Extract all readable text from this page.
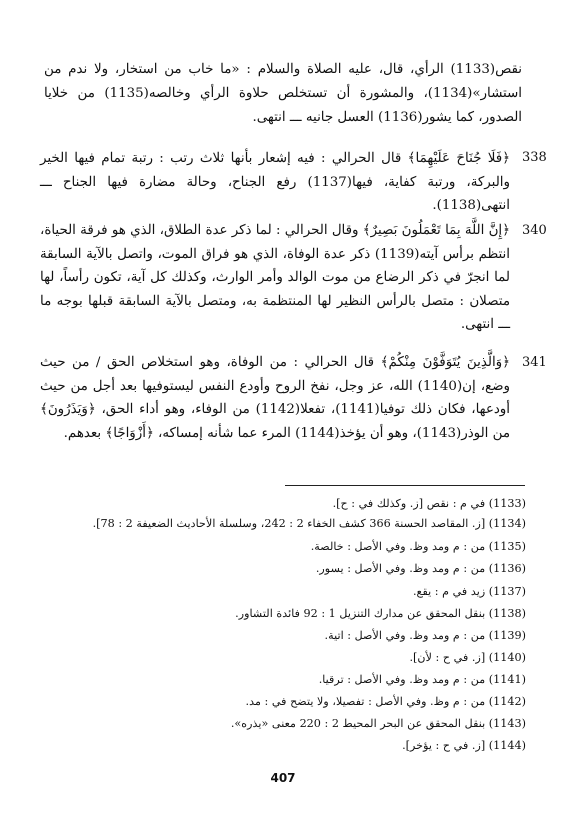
نقص(1133) الرأي، قال، عليه الصلاة والسلام : «ما خاب من استخار، ولا ندم من استشار»(1134)، والمشورة أن تستخلص حلاوة الرأي وخالصه(1135) من خلايا الصدور، كما يشور(1136) العسل جانيه ـــ انتهى.
338
﴿فَلَا جُنَاحَ عَلَيْهِمَا﴾ قال الحرالي : فيه إشعار بأنها ثلاث رتب : رتبة تمام فيها الخير والبركة، ورتبة كفاية، فيها(1137) رفع الجناح، وحالة مضارة فيها الجناح ـــ انتهى(1138).
340
﴿إِنَّ اللَّهَ بِمَا تَعْمَلُونَ بَصِيرٌ﴾ وقال الحرالي : لما ذكر عدة الطلاق، الذي هو فرقة الحياة، انتظم برأس آيته(1139) ذكر عدة الوفاة، الذي هو فراق الموت، واتصل بالآية السابقة لما انجرّ في ذكر الرضاع من موت الوالد وأمر الوارث، وكذلك كل آية، تكون رأساً، لها متصلان : متصل بالرأس النظير لها المنتظمة به، ومتصل بالآية السابقة قبلها بوجه ما ـــ انتهى.
341
﴿وَالَّذِينَ يُتَوَفَّوْنَ مِنْكُمْ﴾ قال الحرالي : من الوفاة، وهو استخلاص الحق / من حيث وضع، إن(1140) الله، عز وجل، نفخ الروح وأودع النفس ليستوفيها بعد أجل من حيث أودعها، فكان ذلك توفيا(1141)، تفعلا(1142) من الوفاء، وهو أداء الحق، ﴿وَيَذَرُونَ﴾ من الوذر(1143)، وهو أن يؤخذ(1144) المرء عما شأنه إمساكه، ﴿أَزْوَاجًا﴾ بعدهم.
(1133) في م : نقص [ز. وكذلك في : ح].
(1134) [ز. المقاصد الحسنة 366 كشف الخفاء 2 : 242، وسلسلة الأحاديث الضعيفة 2 : 78].
(1135) من : م ومد وظ. وفي الأصل : خالصة.
(1136) من : م ومد وظ. وفي الأصل : يسور.
(1137) زيد في م : يقع.
(1138) بنقل المحقق عن مدارك التنزيل 1 : 92 فائدة التشاور.
(1139) من : م ومد وظ. وفي الأصل : اتية.
(1140) [ز. في ح : لأن].
(1141) من : م ومد وظ. وفي الأصل : ترقيا.
(1142) من : م وظ. وفي الأصل : تفصيلا، ولا يتضح في : مد.
(1143) بنقل المحقق عن البحر المحيط 2 : 220 معنى «يذره».
(1144) [ز. في ح : يؤخر].
407
